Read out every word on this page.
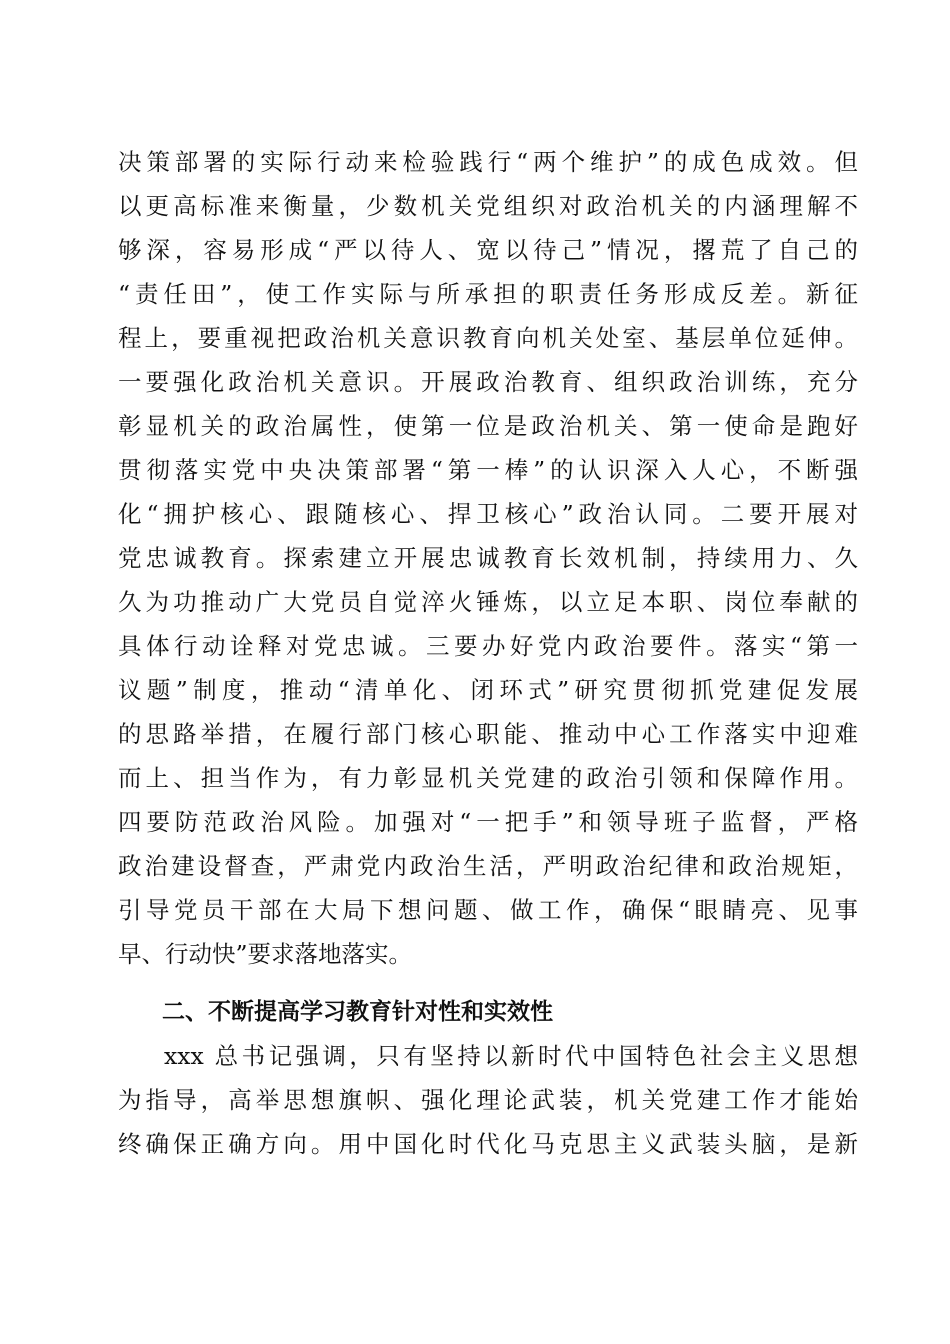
决策部署的实际行动来检验践行“两个维护”的成色成效。但
以更高标准来衡量，少数机关党组织对政治机关的内涵理解不
够深，容易形成“严以待人、宽以待己”情况，撂荒了自己的
“责任田”，使工作实际与所承担的职责任务形成反差。新征
程上，要重视把政治机关意识教育向机关处室、基层单位延伸。
一要强化政治机关意识。开展政治教育、组织政治训练，充分
彰显机关的政治属性，使第一位是政治机关、第一使命是跑好
贯彻落实党中央决策部署“第一棒”的认识深入人心，不断强
化“拥护核心、跟随核心、捍卫核心”政治认同。二要开展对
党忠诚教育。探索建立开展忠诚教育长效机制，持续用力、久
久为功推动广大党员自觉淬火锤炼，以立足本职、岗位奉献的
具体行动诠释对党忠诚。三要办好党内政治要件。落实“第一
议题”制度，推动“清单化、闭环式”研究贯彻抓党建促发展
的思路举措，在履行部门核心职能、推动中心工作落实中迎难
而上、担当作为，有力彰显机关党建的政治引领和保障作用。
四要防范政治风险。加强对“一把手”和领导班子监督，严格
政治建设督查，严肃党内政治生活，严明政治纪律和政治规矩，
引导党员干部在大局下想问题、做工作，确保“眼睛亮、见事
早、行动快”要求落地落实。
二、不断提高学习教育针对性和实效性
xxx 总书记强调，只有坚持以新时代中国特色社会主义思想
为指导，高举思想旗帜、强化理论武装，机关党建工作才能始
终确保正确方向。用中国化时代化马克思主义武装头脑，是新
